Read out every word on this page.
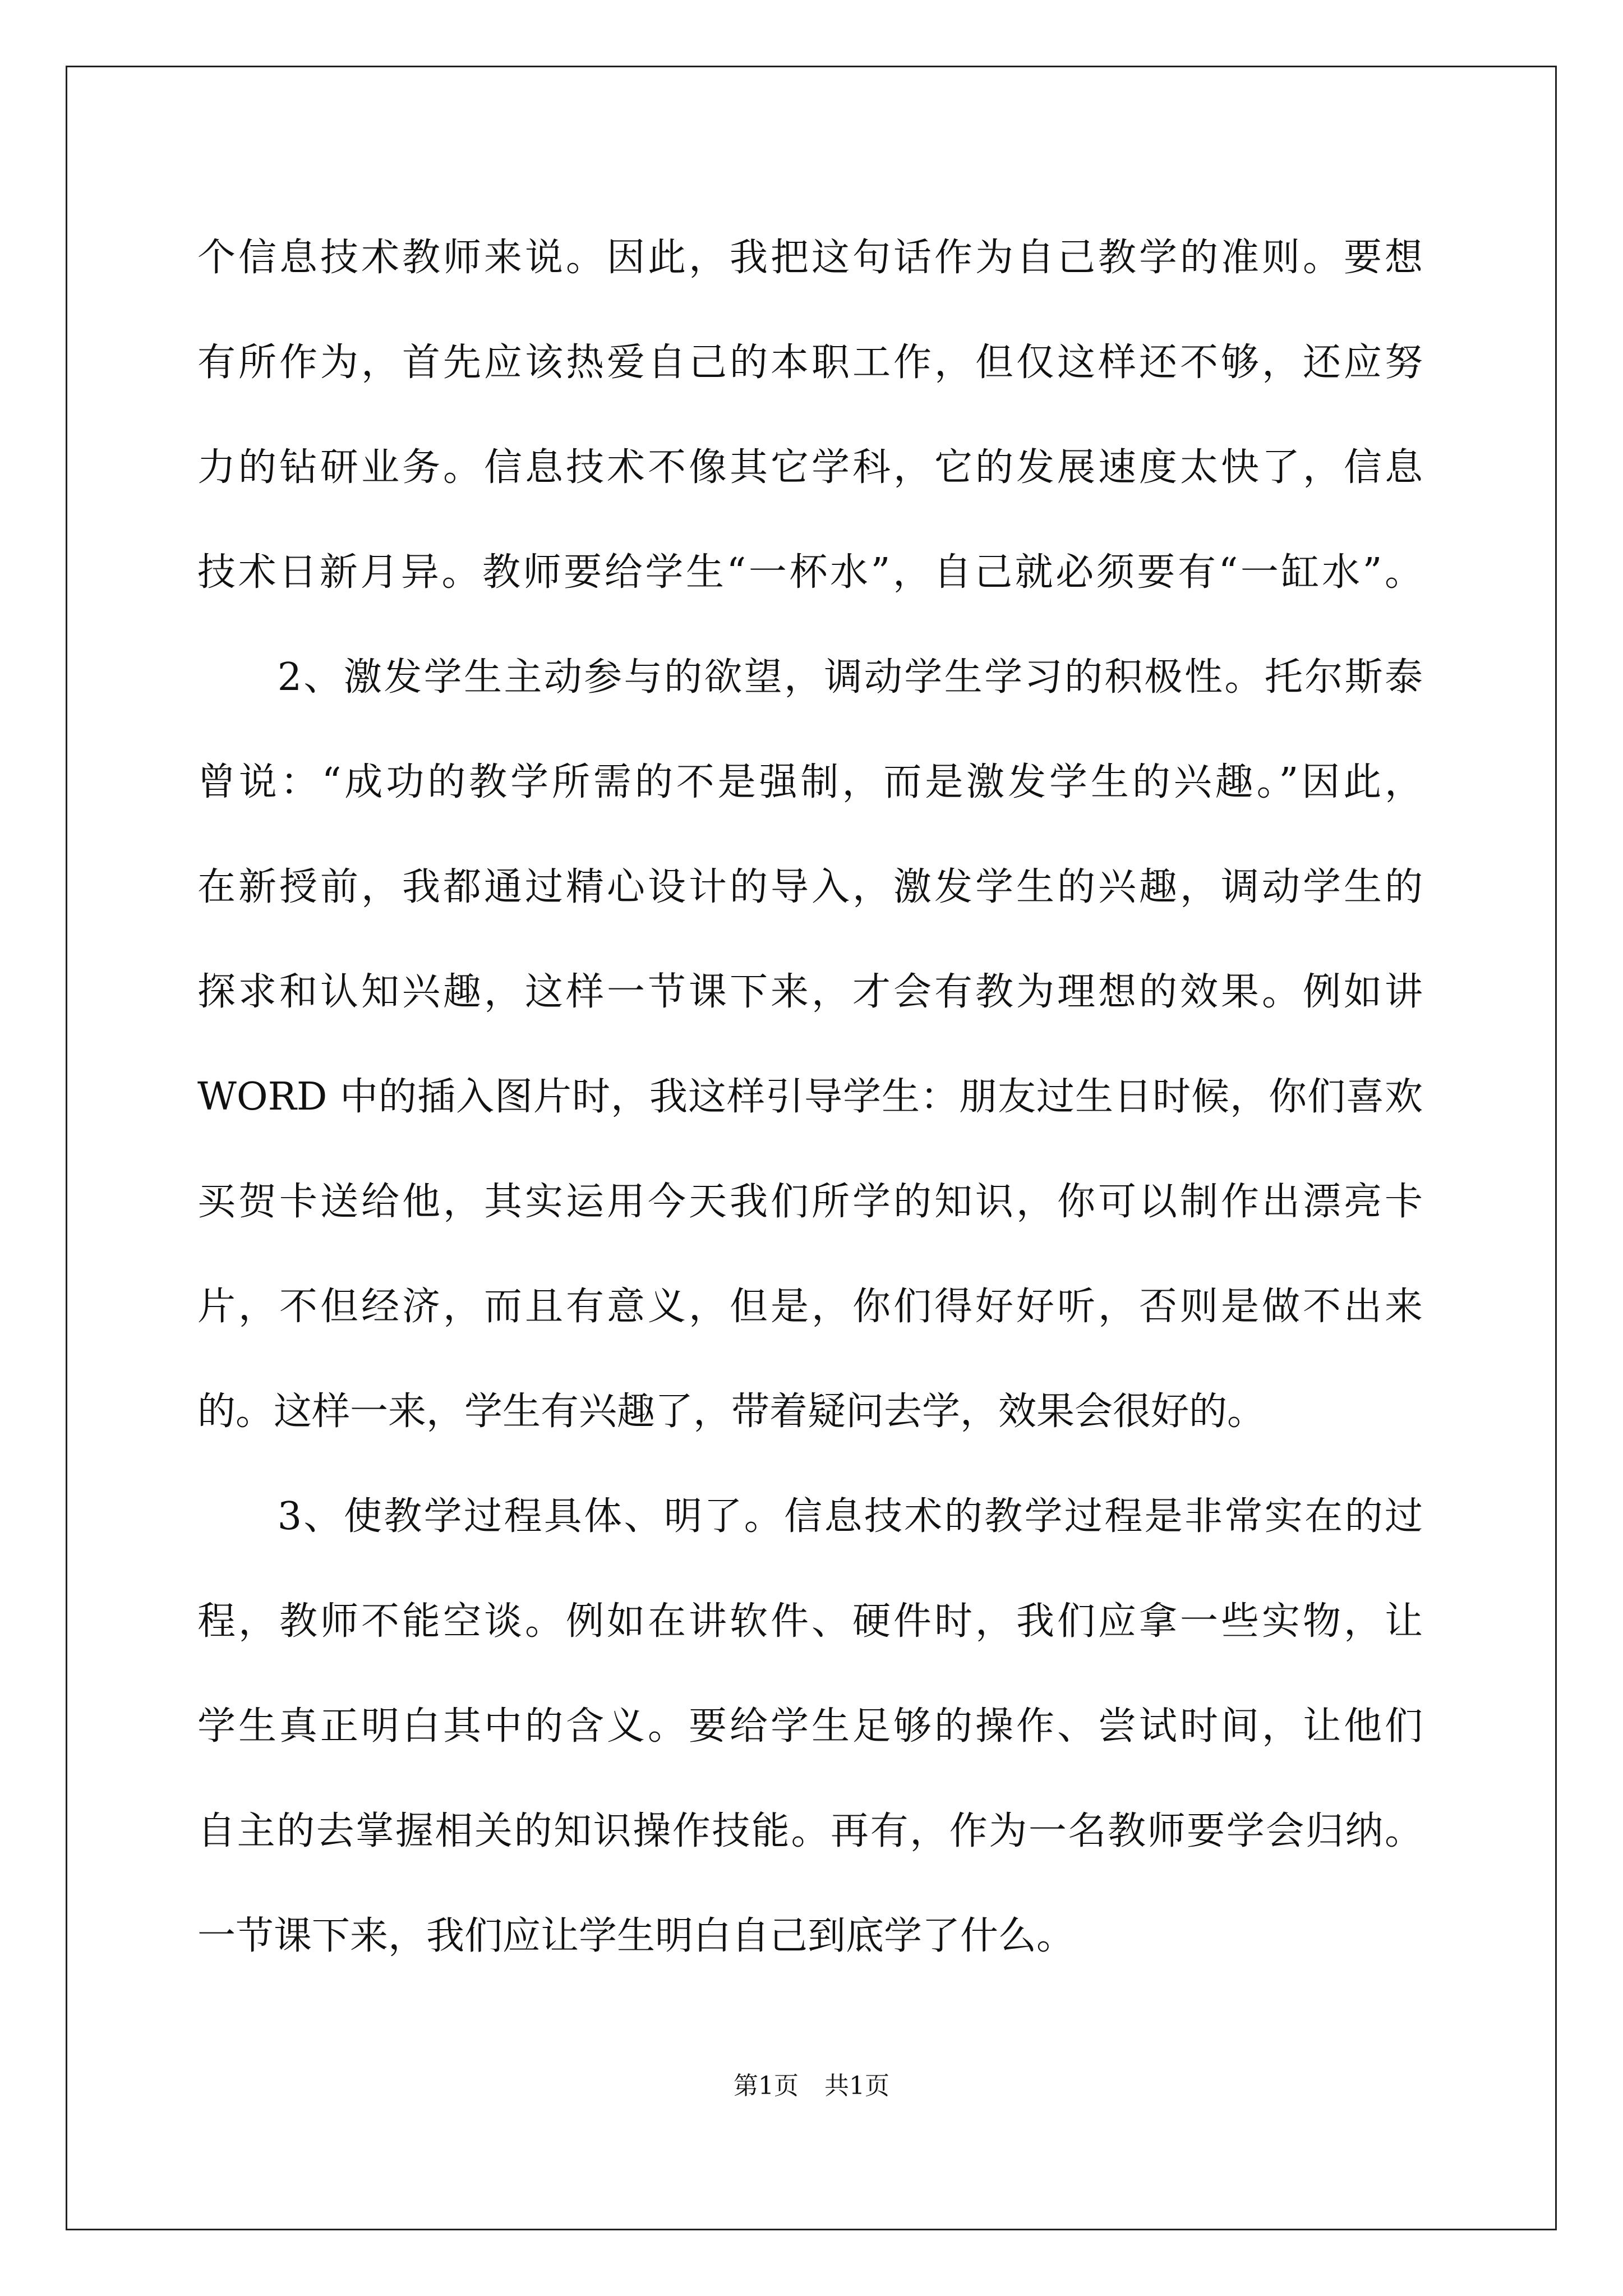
个信息技术教师来说。因此，我把这句话作为自己教学的准则。要想
有所作为，首先应该热爱自己的本职工作，但仅这样还不够，还应努
力的钻研业务。信息技术不像其它学科，它的发展速度太快了，信息
技术日新月异。教师要给学生“一杯水”，自己就必须要有“一缸水”。
　　2、激发学生主动参与的欲望，调动学生学习的积极性。托尔斯泰
曾说：“成功的教学所需的不是强制，而是激发学生的兴趣。”因此，
在新授前，我都通过精心设计的导入，激发学生的兴趣，调动学生的
探求和认知兴趣，这样一节课下来，才会有教为理想的效果。例如讲
WORD 中的插入图片时，我这样引导学生：朋友过生日时候，你们喜欢
买贺卡送给他，其实运用今天我们所学的知识，你可以制作出漂亮卡
片，不但经济，而且有意义，但是，你们得好好听，否则是做不出来
的。这样一来，学生有兴趣了，带着疑问去学，效果会很好的。
　　3、使教学过程具体、明了。信息技术的教学过程是非常实在的过
程，教师不能空谈。例如在讲软件、硬件时，我们应拿一些实物，让
学生真正明白其中的含义。要给学生足够的操作、尝试时间，让他们
自主的去掌握相关的知识操作技能。再有，作为一名教师要学会归纳。
一节课下来，我们应让学生明白自己到底学了什么。
第1页 共1页
